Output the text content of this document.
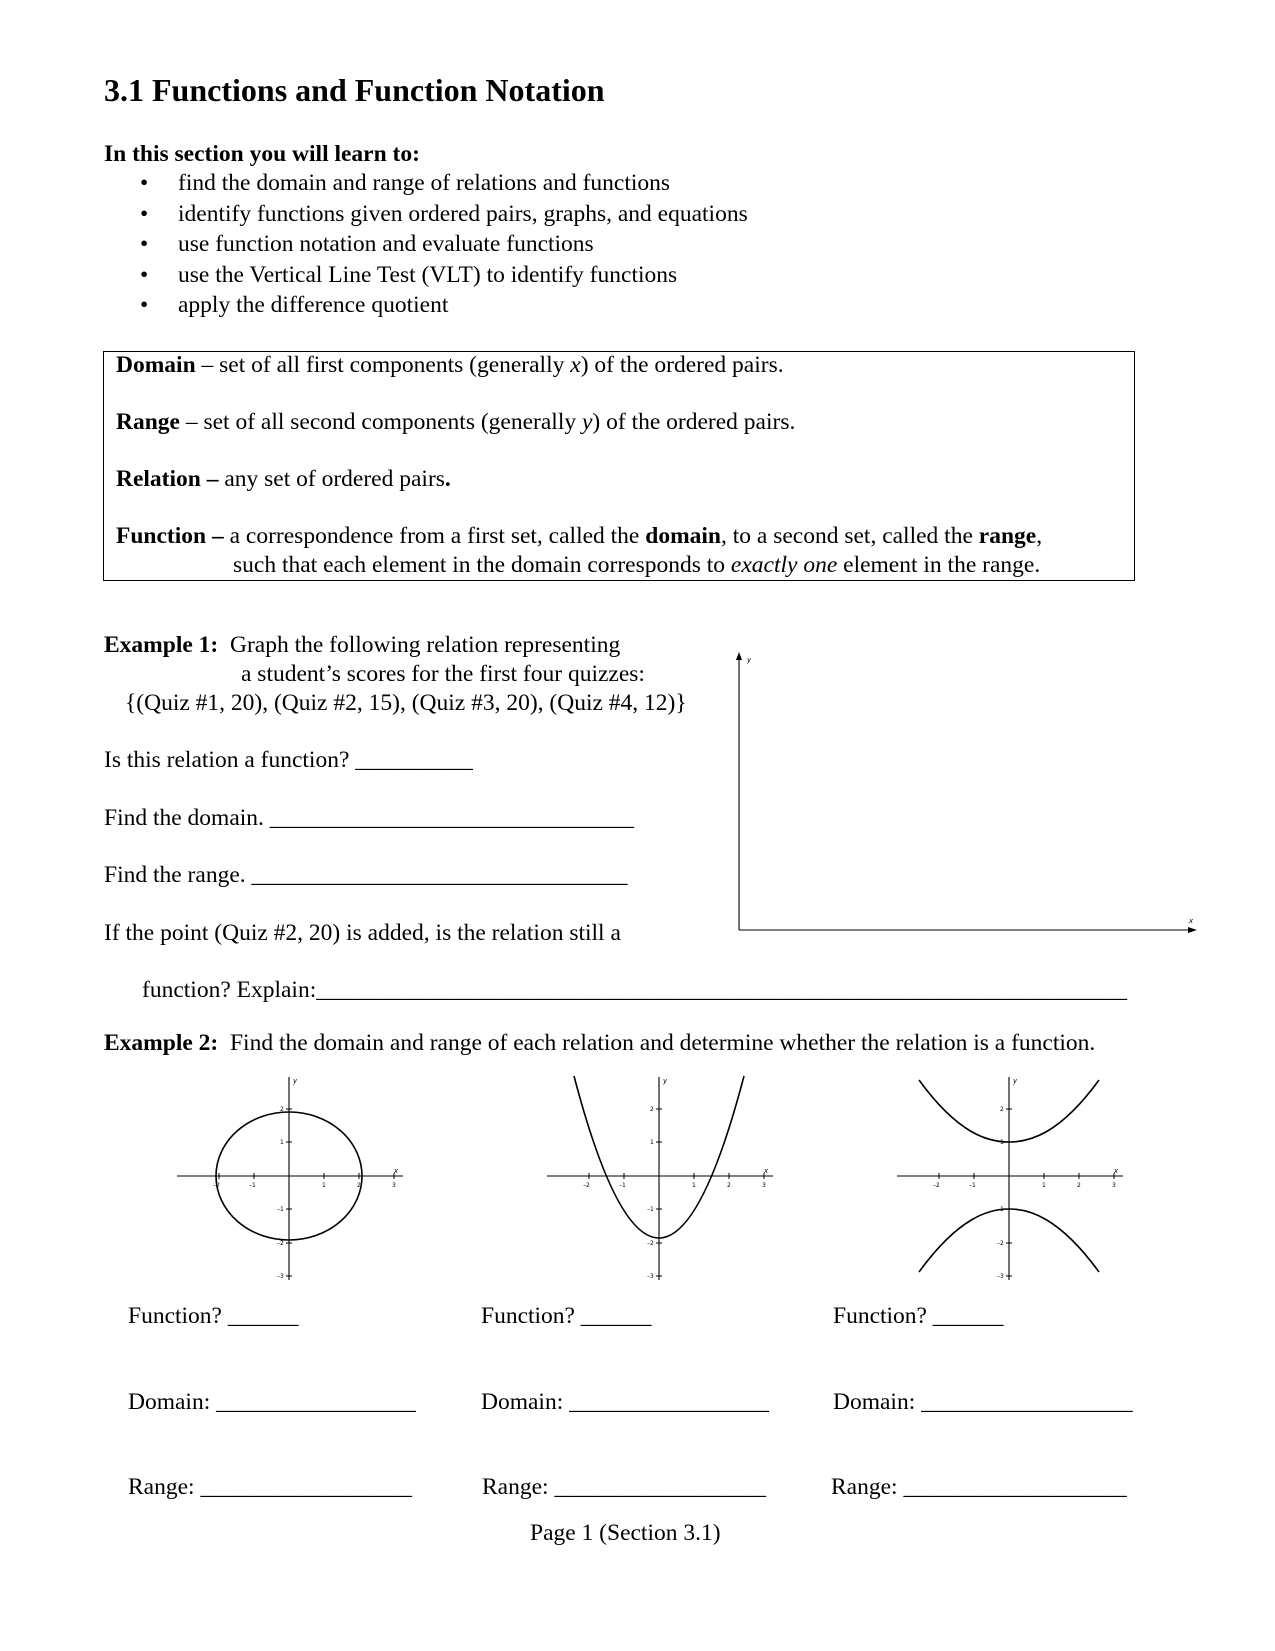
3.1 Functions and Function Notation
In this section you will learn to:
• find the domain and range of relations and functions
• identify functions given ordered pairs, graphs, and equations
• use function notation and evaluate functions
• use the Vertical Line Test (VLT) to identify functions
• apply the difference quotient
Domain – set of all first components (generally x) of the ordered pairs.
Range – set of all second components (generally y) of the ordered pairs.
Relation – any set of ordered pairs.
Function – a correspondence from a first set, called the domain, to a second set, called the range,
such that each element in the domain corresponds to exactly one element in the range.
Example 1: Graph the following relation representing
a student’s scores for the first four quizzes:
{(Quiz #1, 20), (Quiz #2, 15), (Quiz #3, 20), (Quiz #4, 12)}
Is this relation a function? __________
Find the domain. _______________________________
Find the range. ________________________________
If the point (Quiz #2, 20) is added, is the relation still a
function? Explain:_____________________________________________________________________
y
x
Example 2: Find the domain and range of each relation and determine whether the relation is a function.
–2	–1	1	2	3
2
1
–1
–2
–3
y
x
–2	–1	1	2	3
2
1
–1
–2
–3
y
x
–2	–1	1	2	3
2
1
–1
–2
–3
y
x
Function? ______	Function? ______	Function? ______
Domain: _________________	Domain: _________________	Domain: __________________
Range: __________________	Range: __________________	Range: ___________________
Page 1 (Section 3.1)
